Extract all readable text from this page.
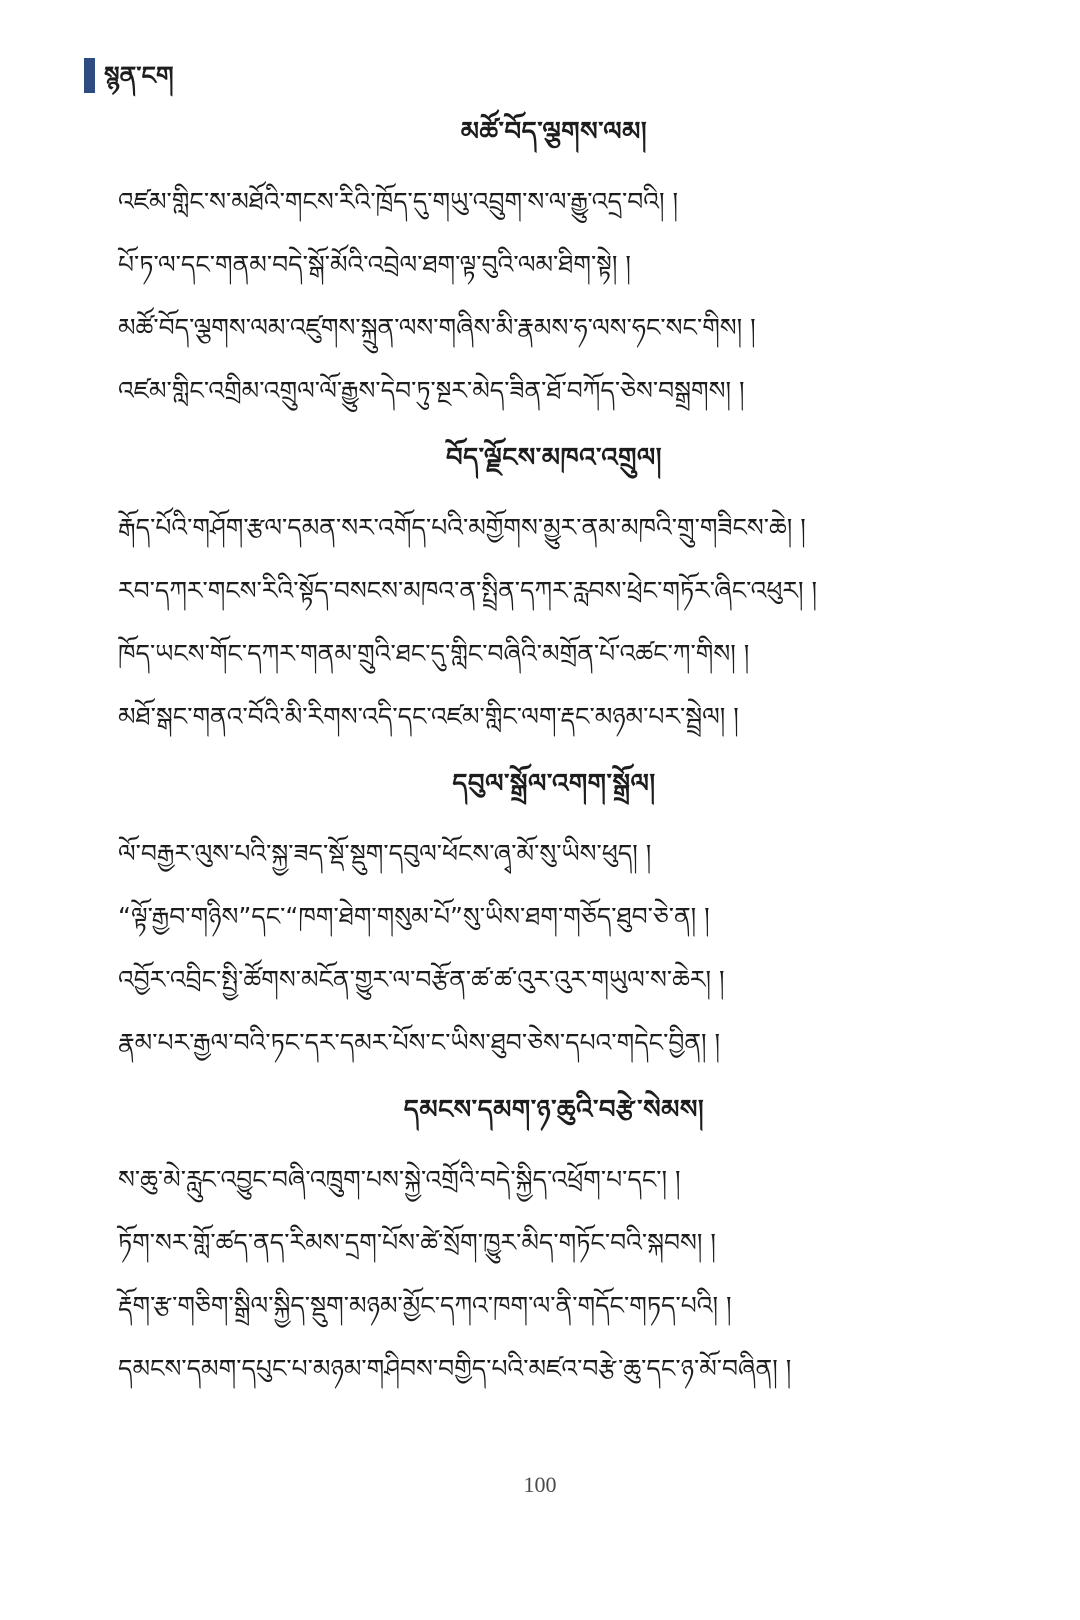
སྙན་ངག
མཚོ་བོད་ལྕགས་ལམ།

འཛམ་གླིང་ས་མཐོའི་གངས་རིའི་ཁྲོད་དུ་གཡུ་འབྲུག་ས་ལ་རྒྱུ་འདྲ་བའི། །

པོ་ཏ་ལ་དང་གནམ་བདེ་སྒོ་མོའི་འབྲེལ་ཐག་ལྟ་བུའི་ལམ་ཐིག་སྟེ། །

མཚོ་བོད་ལྕགས་ལམ་འཛུགས་སྐྲུན་ལས་གཞིས་མི་རྣམས་ཧ་ལས་ཧང་སང་གིས། །

འཛམ་གླིང་འགྲིམ་འགྲུལ་ལོ་རྒྱུས་དེབ་ཏུ་སྔར་མེད་ཟིན་ཐོ་བཀོད་ཅེས་བསྒྲགས། །

བོད་ལྗོངས་མཁའ་འགྲུལ།

རྒོད་པོའི་གཤོག་རྩལ་དམན་སར་འགོད་པའི་མགྱོགས་མྱུར་ནམ་མཁའི་གྲུ་གཟིངས་ཆེ། །

རབ་དཀར་གངས་རིའི་སྟོད་བསངས་མཁའ་ན་སྤྲིན་དཀར་རླབས་ཕྲེང་གཏོར་ཞིང་འཕུར། །

ཁོད་ཡངས་གོང་དཀར་གནམ་གྲུའི་ཐང་དུ་གླིང་བཞིའི་མགྲོན་པོ་འཚང་ཀ་གིས། །

མཐོ་སྒང་གནའ་བོའི་མི་རིགས་འདི་དང་འཛམ་གླིང་ལག་རྡང་མཉམ་པར་སྦྲེལ། །

དབུལ་སྒྲོལ་འགག་སྒྲོལ།

ལོ་བརྒྱར་ལུས་པའི་སྐྱ་ཟད་སྡོ་སྡུག་དབུལ་ཕོངས་ཞྭ་མོ་སུ་ཡིས་ཕུད། །

“ལྟོ་རྒྱབ་གཉིས”དང་“ཁག་ཐེག་གསུམ་པོ”སུ་ཡིས་ཐག་གཅོད་ཐུབ་ཅེ་ན། །

འབྱོར་འབྲིང་སྤྱི་ཚོགས་མངོན་གྱུར་ལ་བརྩོན་ཚ་ཚ་འུར་འུར་གཡུལ་ས་ཆེར། །

རྣམ་པར་རྒྱལ་བའི་ཏང་དར་དམར་པོས་ང་ཡིས་ཐུབ་ཅེས་དཔའ་གདེང་བྱིན། །

དམངས་དམག་ཉ་ཆུའི་བརྩེ་སེམས།

ས་ཆུ་མེ་རླུང་འབྱུང་བཞི་འཁྲུག་པས་སྐྱེ་འགྲོའི་བདེ་སྐྱིད་འཕྲོག་པ་དང་། །

ཏོག་སར་གློ་ཚད་ནད་རིམས་དྲག་པོས་ཚེ་སྲོག་ཁྱུར་མིད་གཏོང་བའི་སྐབས། །

རྡོག་རྩ་གཅིག་སྒྲིལ་སྐྱིད་སྡུག་མཉམ་མྱོང་དཀའ་ཁག་ལ་ནི་གདོང་གཏད་པའི། །

དམངས་དམག་དཔུང་པ་མཉམ་གཤིབས་བགྱིད་པའི་མཛའ་བརྩེ་ཆུ་དང་ཉ་མོ་བཞིན། །

100
